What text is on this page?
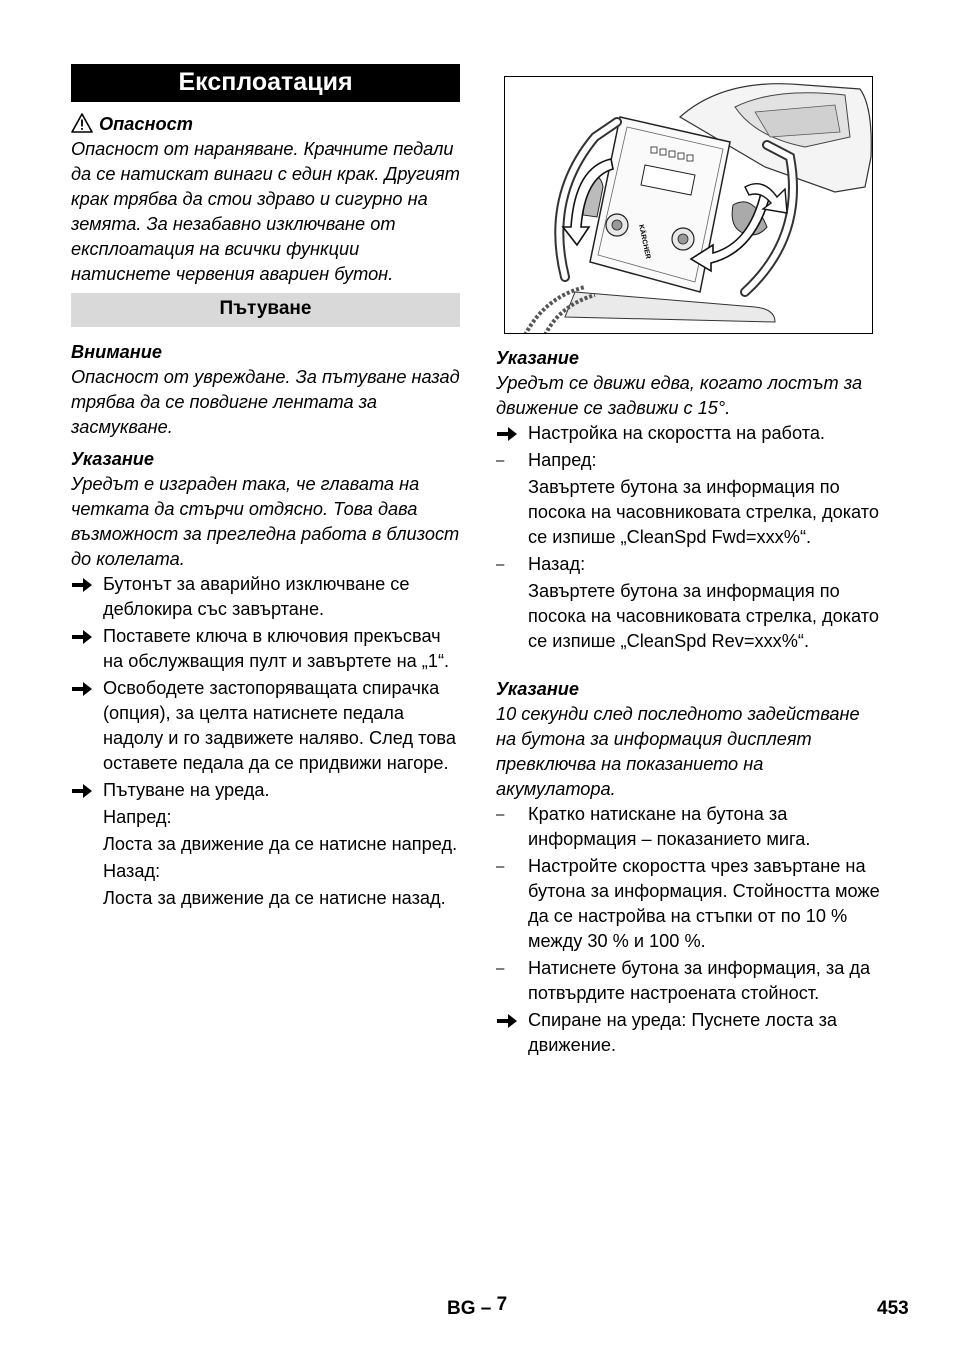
Експлоатация
Опасност
Опасност от нараняване. Крачните педали да се натискат винаги с един крак. Другият крак трябва да стои здраво и сигурно на земята. За незабавно изключване от експлоатация на всички функции натиснете червения авариен бутон.
Пътуване
Внимание
Опасност от увреждане. За пътуване назад трябва да се повдигне лентата за засмукване.
Указание
Уредът е изграден така, че главата на четката да стърчи отдясно. Това дава възможност за прегледна работа в близост до колелата.
Бутонът за аварийно изключване се деблокира със завъртане.
Поставете ключа в ключовия прекъсвач на обслужващия пулт и завъртете на „1“.
Освободете застопоряващата спирачка (опция), за целта натиснете педала надолу и го задвижете наляво. След това оставете педала да се придвижи нагоре.
Пътуване на уреда.
Напред:
Лоста за движение да се натисне напред.
Назад:
Лоста за движение да се натисне назад.
KÄRCHER
Указание
Уредът се движи едва, когато лостът за движение се задвижи с 15°.
Настройка на скоростта на работа.
–	Напред:
Завъртете бутона за информация по посока на часовниковата стрелка, докато се изпише „CleanSpd Fwd=xxx%“.
–	Назад:
Завъртете бутона за информация по посока на часовниковата стрелка, докато се изпише „CleanSpd Rev=xxx%“.
Указание
10 секунди след последното задействане на бутона за информация дисплеят превключва на показанието на акумулатора.
–	Кратко натискане на бутона за информация – показанието мига.
–	Настройте скоростта чрез завъртане на бутона за информация. Стойността може да се настройва на стъпки от по 10 % между 30 % и 100 %.
–	Натиснете бутона за информация, за да потвърдите настроената стойност.
Спиране на уреда: Пуснете лоста за движение.
BG – 7	453
